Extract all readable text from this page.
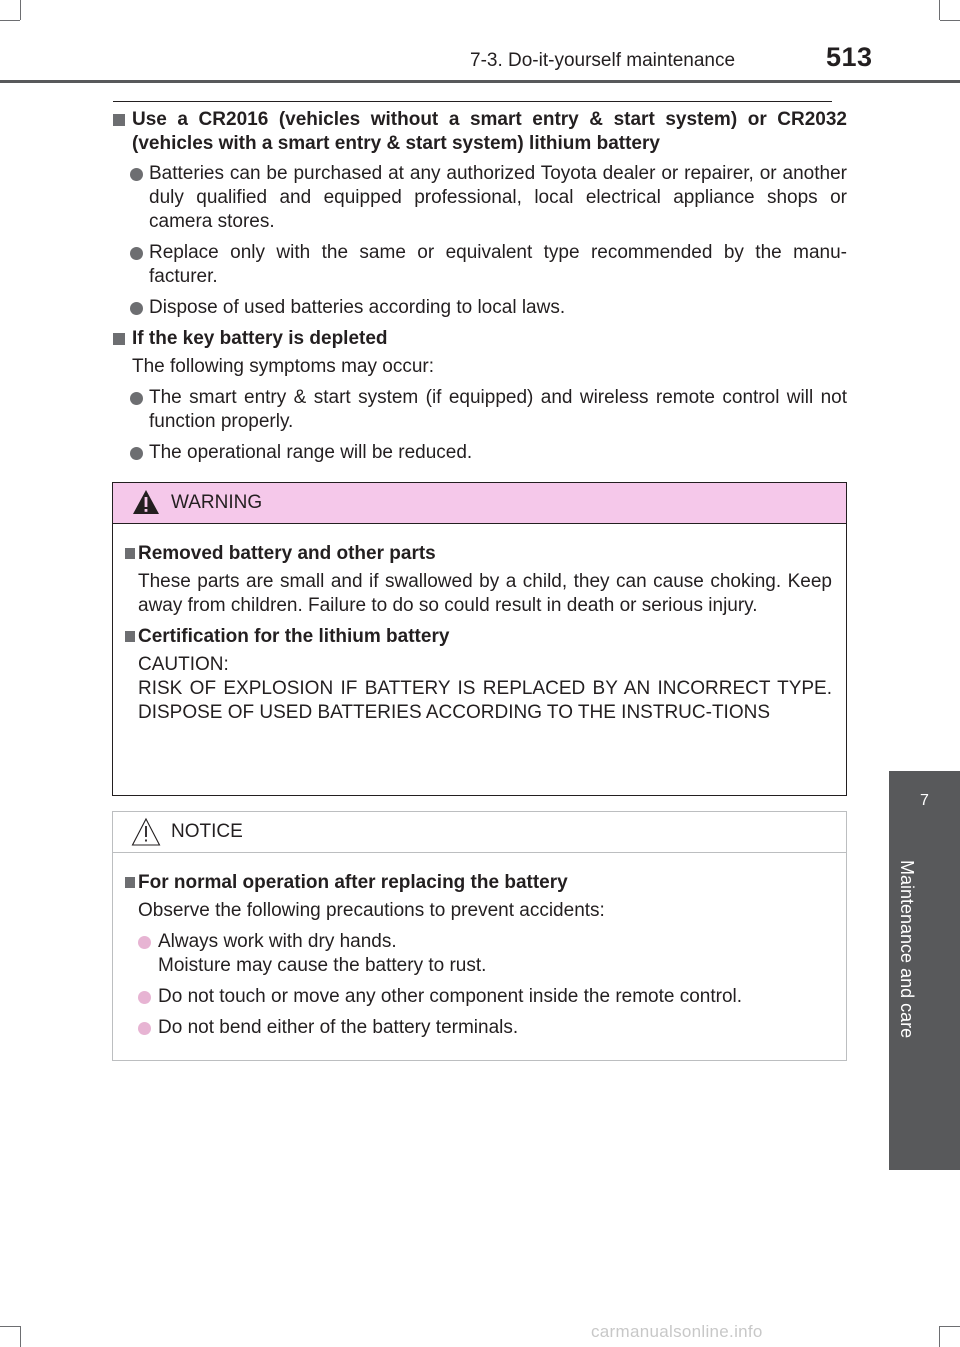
7-3. Do-it-yourself maintenance	513
7
Maintenance and care
Use a CR2016 (vehicles without a smart entry & start system) or CR2032 (vehicles with a smart entry & start system) lithium battery
Batteries can be purchased at any authorized Toyota dealer or repairer, or another duly qualified and equipped professional, local electrical appliance shops or camera stores.
Replace only with the same or equivalent type recommended by the manu-facturer.
Dispose of used batteries according to local laws.
If the key battery is depleted
The following symptoms may occur:
The smart entry & start system (if equipped) and wireless remote control will not function properly.
The operational range will be reduced.
WARNING
Removed battery and other parts
These parts are small and if swallowed by a child, they can cause choking. Keep away from children. Failure to do so could result in death or serious injury.
Certification for the lithium battery
CAUTION:
RISK OF EXPLOSION IF BATTERY IS REPLACED BY AN INCORRECT TYPE. DISPOSE OF USED BATTERIES ACCORDING TO THE INSTRUC-TIONS
NOTICE
For normal operation after replacing the battery
Observe the following precautions to prevent accidents:
Always work with dry hands.
Moisture may cause the battery to rust.
Do not touch or move any other component inside the remote control.
Do not bend either of the battery terminals.
carmanualsonline.info
